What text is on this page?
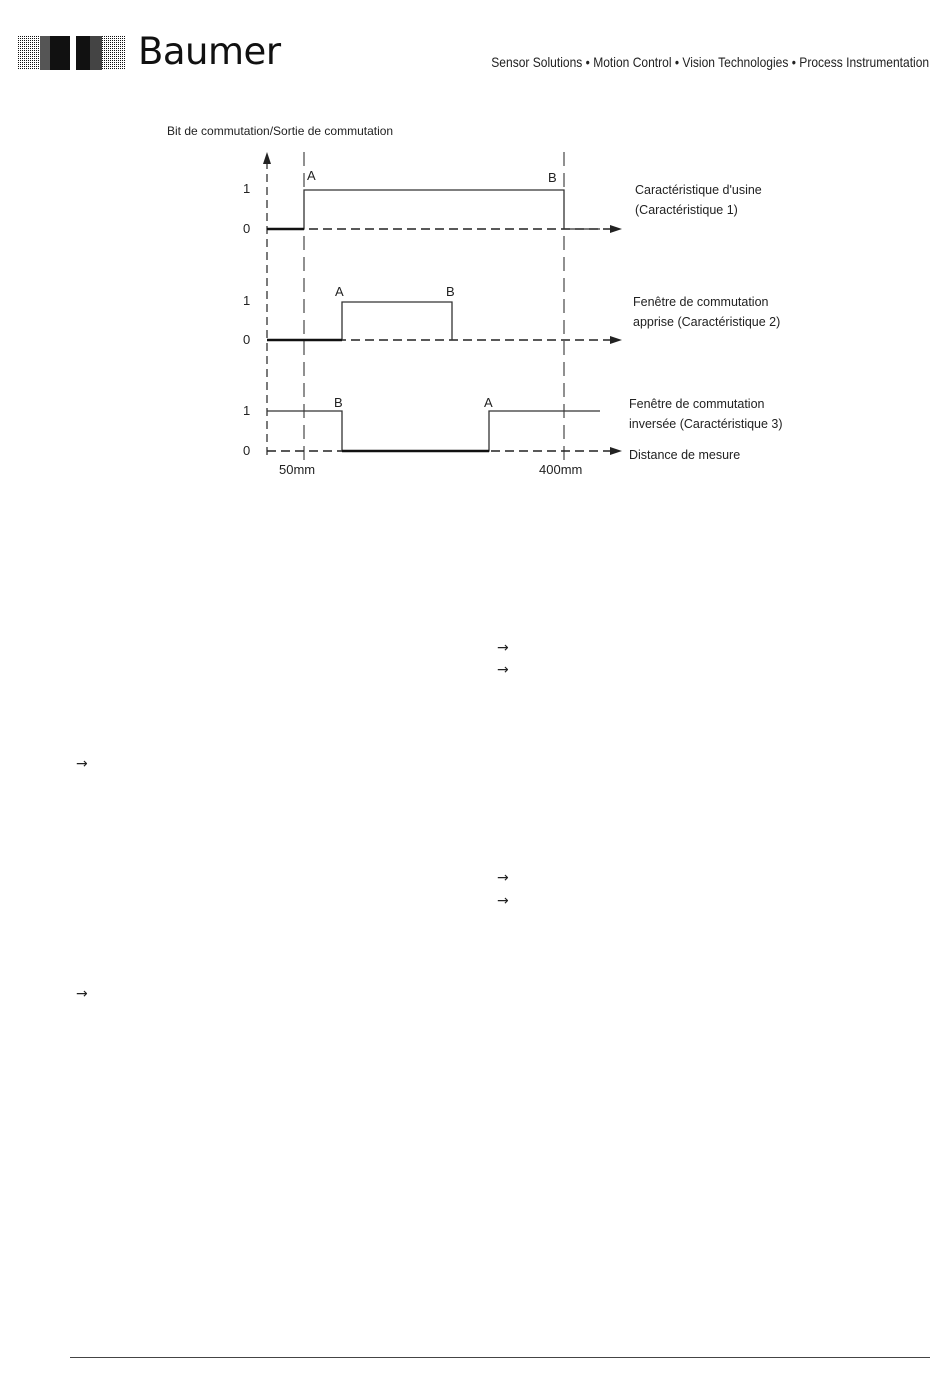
Baumer	Sensor Solutions • Motion Control • Vision Technologies • Process Instrumentation
Bit de commutation/Sortie de commutation
1
0
1
0
1
0
A	B
Caractéristique d'usine
(Caractéristique 1)
A	B
Fenêtre de commutation
apprise (Caractéristique 2)
B	A	Fenêtre de commutation
inversée (Caractéristique 3)
Distance de mesure
50mm	400mm
→
→
→
→
→
→
